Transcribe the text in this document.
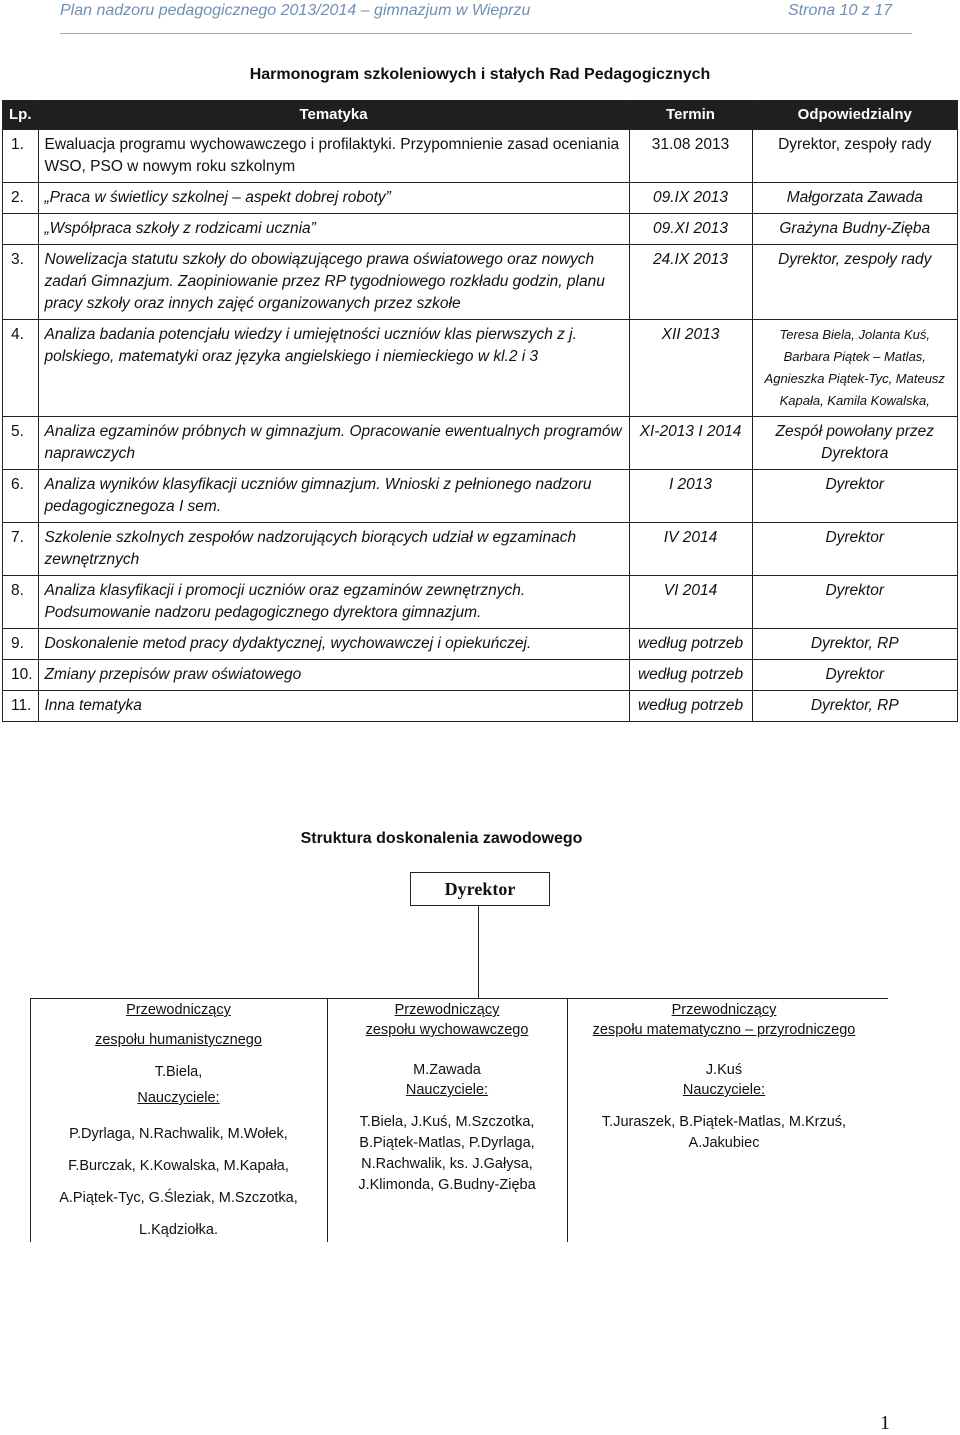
Plan nadzoru pedagogicznego 2013/2014 – gimnazjum w Wieprzu	Strona 10 z 17
Harmonogram szkoleniowych i stałych Rad Pedagogicznych
Lp.	Tematyka	Termin	Odpowiedzialny
1.	Ewaluacja programu wychowawczego i profilaktyki. Przypomnienie zasad oceniania WSO, PSO w nowym roku szkolnym	31.08 2013	Dyrektor, zespoły rady
2.	„Praca w świetlicy szkolnej – aspekt dobrej roboty”	09.IX 2013	Małgorzata Zawada
	„Współpraca szkoły z rodzicami ucznia”	09.XI 2013	Grażyna Budny-Zięba
3.	Nowelizacja statutu szkoły do obowiązującego prawa oświatowego oraz nowych zadań Gimnazjum. Zaopiniowanie przez RP tygodniowego rozkładu godzin, planu pracy szkoły oraz innych zajęć organizowanych przez szkołe	24.IX 2013	Dyrektor, zespoły rady
4.	Analiza badania potencjału wiedzy i umiejętności uczniów klas pierwszych z j. polskiego, matematyki oraz języka angielskiego i niemieckiego w kl.2 i 3	XII 2013	Teresa Biela, Jolanta Kuś, Barbara Piątek – Matlas, Agnieszka Piątek-Tyc, Mateusz Kapała, Kamila Kowalska,
5.	Analiza egzaminów próbnych w gimnazjum. Opracowanie ewentualnych programów naprawczych	XI-2013 I 2014	Zespół powołany przez Dyrektora
6.	Analiza wyników klasyfikacji uczniów gimnazjum. Wnioski z pełnionego nadzoru pedagogicznegoza I sem.	I 2013	Dyrektor
7.	Szkolenie szkolnych zespołów nadzorujących biorących udział w egzaminach zewnętrznych	IV 2014	Dyrektor
8.	Analiza klasyfikacji i promocji uczniów oraz egzaminów zewnętrznych. Podsumowanie nadzoru pedagogicznego dyrektora gimnazjum.	VI 2014	Dyrektor
9.	Doskonalenie metod pracy dydaktycznej, wychowawczej i opiekuńczej.	według potrzeb	Dyrektor, RP
10.	Zmiany przepisów praw oświatowego	według potrzeb	Dyrektor
11.	Inna tematyka	według potrzeb	Dyrektor, RP
Struktura doskonalenia zawodowego
Dyrektor
Przewodniczący
zespołu humanistycznego
T.Biela,
Nauczyciele:
P.Dyrlaga, N.Rachwalik, M.Wołek, F.Burczak, K.Kowalska, M.Kapała, A.Piątek-Tyc, G.Śleziak, M.Szczotka, L.Kądziołka.
Przewodniczący
zespołu wychowawczego
M.Zawada
Nauczyciele:
T.Biela, J.Kuś, M.Szczotka, B.Piątek-Matlas, P.Dyrlaga, N.Rachwalik, ks. J.Gałysa, J.Klimonda, G.Budny-Zięba
Przewodniczący
zespołu matematyczno – przyrodniczego
J.Kuś
Nauczyciele:
T.Juraszek, B.Piątek-Matlas, M.Krzuś, A.Jakubiec
1
